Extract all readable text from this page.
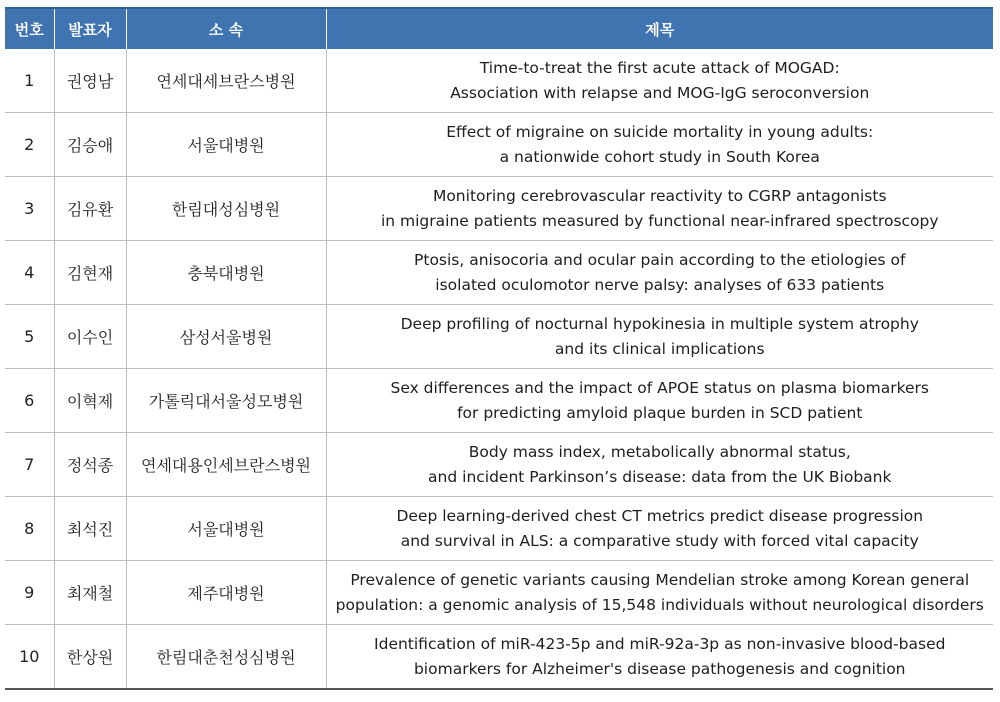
번호	발표자	소 속	제목
1	권영남	연세대세브란스병원	Time-to-treat the first acute attack of MOGAD:
Association with relapse and MOG-IgG seroconversion

2	김승애	서울대병원	Effect of migraine on suicide mortality in young adults:
a nationwide cohort study in South Korea

3	김유환	한림대성심병원	Monitoring cerebrovascular reactivity to CGRP antagonists
in migraine patients measured by functional near-infrared spectroscopy

4	김현재	충북대병원	Ptosis, anisocoria and ocular pain according to the etiologies of
isolated oculomotor nerve palsy: analyses of 633 patients

5	이수인	삼성서울병원	Deep profiling of nocturnal hypokinesia in multiple system atrophy
and its clinical implications

6	이혁제	가톨릭대서울성모병원	Sex differences and the impact of APOE status on plasma biomarkers
for predicting amyloid plaque burden in SCD patient

7	정석종	연세대용인세브란스병원	Body mass index, metabolically abnormal status,
and incident Parkinson’s disease: data from the UK Biobank

8	최석진	서울대병원	Deep learning-derived chest CT metrics predict disease progression
and survival in ALS: a comparative study with forced vital capacity

9	최재철	제주대병원	Prevalence of genetic variants causing Mendelian stroke among Korean general
population: a genomic analysis of 15,548 individuals without neurological disorders

10	한상원	한림대춘천성심병원	Identification of miR-423-5p and miR-92a-3p as non-invasive blood-based
biomarkers for Alzheimer's disease pathogenesis and cognition
